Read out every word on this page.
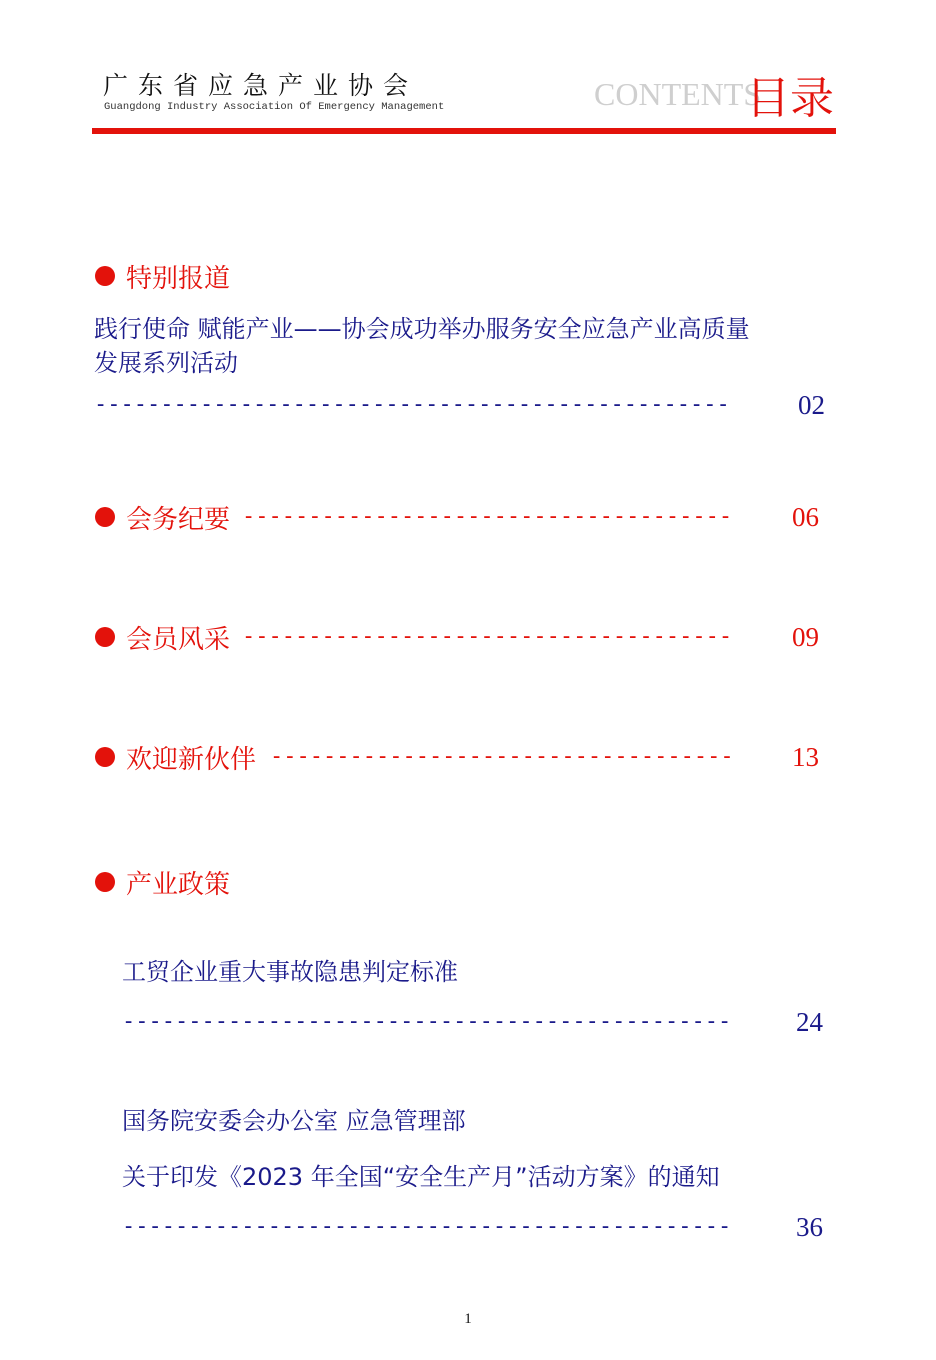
广东省应急产业协会
Guangdong Industry Association Of Emergency Management	CONTENTS
目录
特别报道
践行使命 赋能产业——协会成功举办服务安全应急产业高质量
发展系列活动
------------------------------------------------	02
会务纪要 -------------------------------------	06
会员风采 -------------------------------------	09
欢迎新伙伴 -----------------------------------	13
产业政策
工贸企业重大事故隐患判定标准
----------------------------------------------	24
国务院安委会办公室 应急管理部
关于印发《2023 年全国“安全生产月”活动方案》的通知
----------------------------------------------	36
1
